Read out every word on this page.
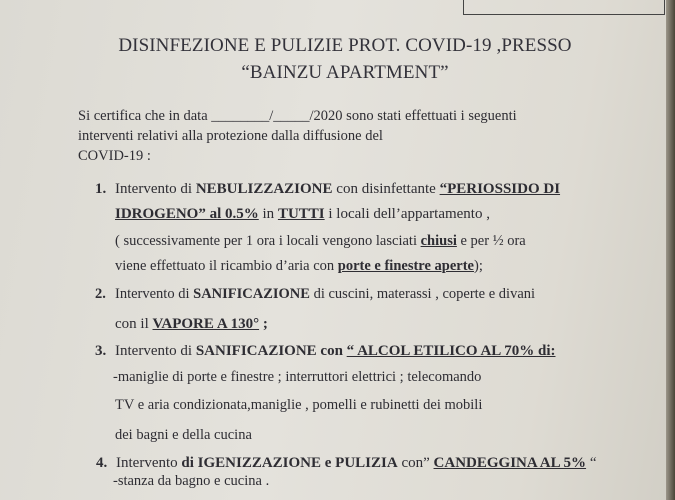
DISINFEZIONE E PULIZIE PROT. COVID-19 ,PRESSO
“BAINZU APARTMENT”
Si certifica che in data ________/_____/2020 sono stati effettuati i seguenti
interventi relativi alla protezione dalla diffusione del
COVID-19 :
1. Intervento di NEBULIZZAZIONE con disinfettante “PERIOSSIDO DI
IDROGENO” al 0.5% in TUTTI i locali dell’appartamento ,
( successivamente per 1 ora i locali vengono lasciati chiusi e per ½ ora
viene effettuato il ricambio d’aria con porte e finestre aperte);
2. Intervento di SANIFICAZIONE di cuscini, materassi , coperte e divani
con il VAPORE A 130° ;
3. Intervento di SANIFICAZIONE con “ ALCOL ETILICO AL 70% di:
-maniglie di porte e finestre ; interruttori elettrici ; telecomando
TV e aria condizionata,maniglie , pomelli e rubinetti dei mobili
dei bagni e della cucina
4. Intervento di IGENIZZAZIONE e PULIZIA con” CANDEGGINA AL 5% “
-stanza da bagno e cucina .
